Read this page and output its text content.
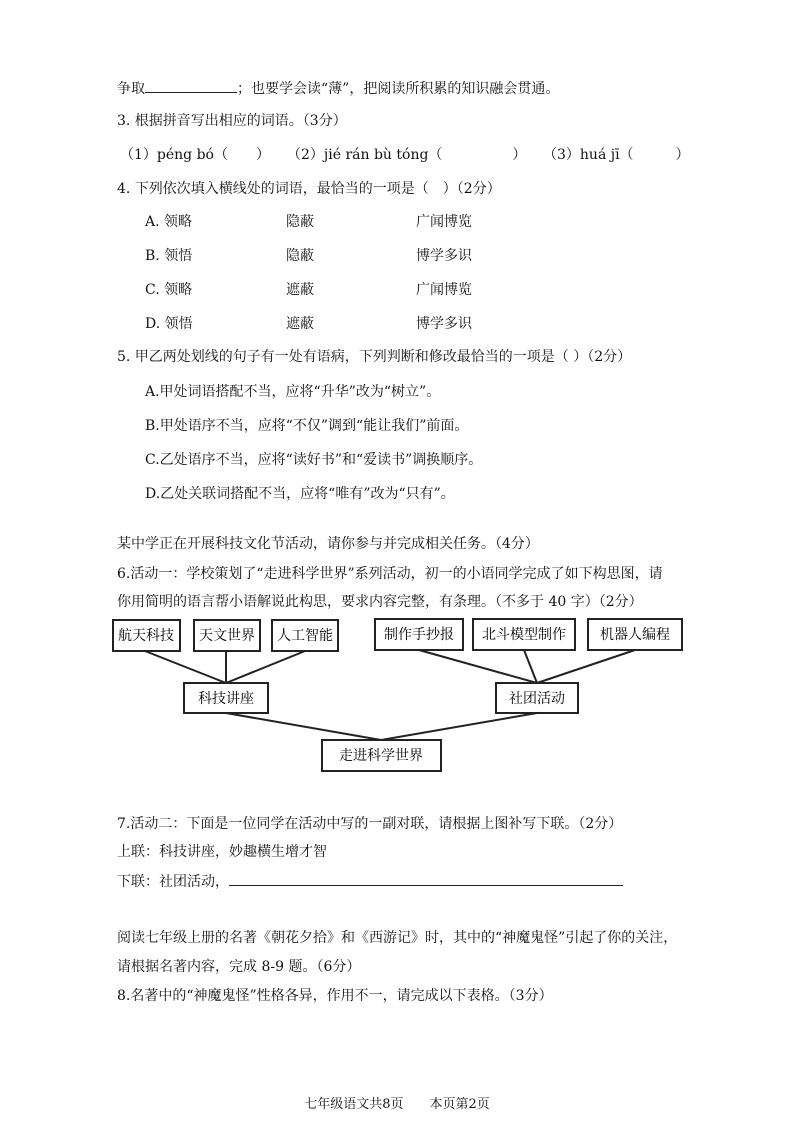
争取	；也要学会读“薄”，把阅读所积累的知识融会贯通。
3. 根据拼音写出相应的词语。（3分）
（1）péng bó（　　） （2）jié rán bù tóng（　　　　　） （3）huá jī（　　　）
4. 下列依次填入横线处的词语，最恰当的一项是（　）（2分）
A. 领略	隐蔽	广闻博览
B. 领悟	隐蔽	博学多识
C. 领略	遮蔽	广闻博览
D. 领悟	遮蔽	博学多识
5. 甲乙两处划线的句子有一处有语病，下列判断和修改最恰当的一项是（ ）（2分）
A.甲处词语搭配不当，应将“升华”改为“树立”。
B.甲处语序不当，应将“不仅”调到“能让我们”前面。
C.乙处语序不当，应将“读好书”和“爱读书”调换顺序。
D.乙处关联词搭配不当，应将“唯有”改为“只有”。
某中学正在开展科技文化节活动，请你参与并完成相关任务。（4分）
6.活动一：学校策划了“走进科学世界”系列活动，初一的小语同学完成了如下构思图，请
你用简明的语言帮小语解说此构思，要求内容完整，有条理。（不多于 40 字）（2分）
航天科技 天文世界 人工智能	制作手抄报 北斗模型制作 机器人编程
科技讲座	社团活动
走进科学世界
7.活动二：下面是一位同学在活动中写的一副对联，请根据上图补写下联。（2分）
上联：科技讲座，妙趣横生增才智
下联：社团活动，
阅读七年级上册的名著《朝花夕拾》和《西游记》时，其中的“神魔鬼怪”引起了你的关注，
请根据名著内容，完成 8-9 题。（6分）
8.名著中的“神魔鬼怪”性格各异，作用不一，请完成以下表格。（3分）
七年级语文共8页　　本页第2页
